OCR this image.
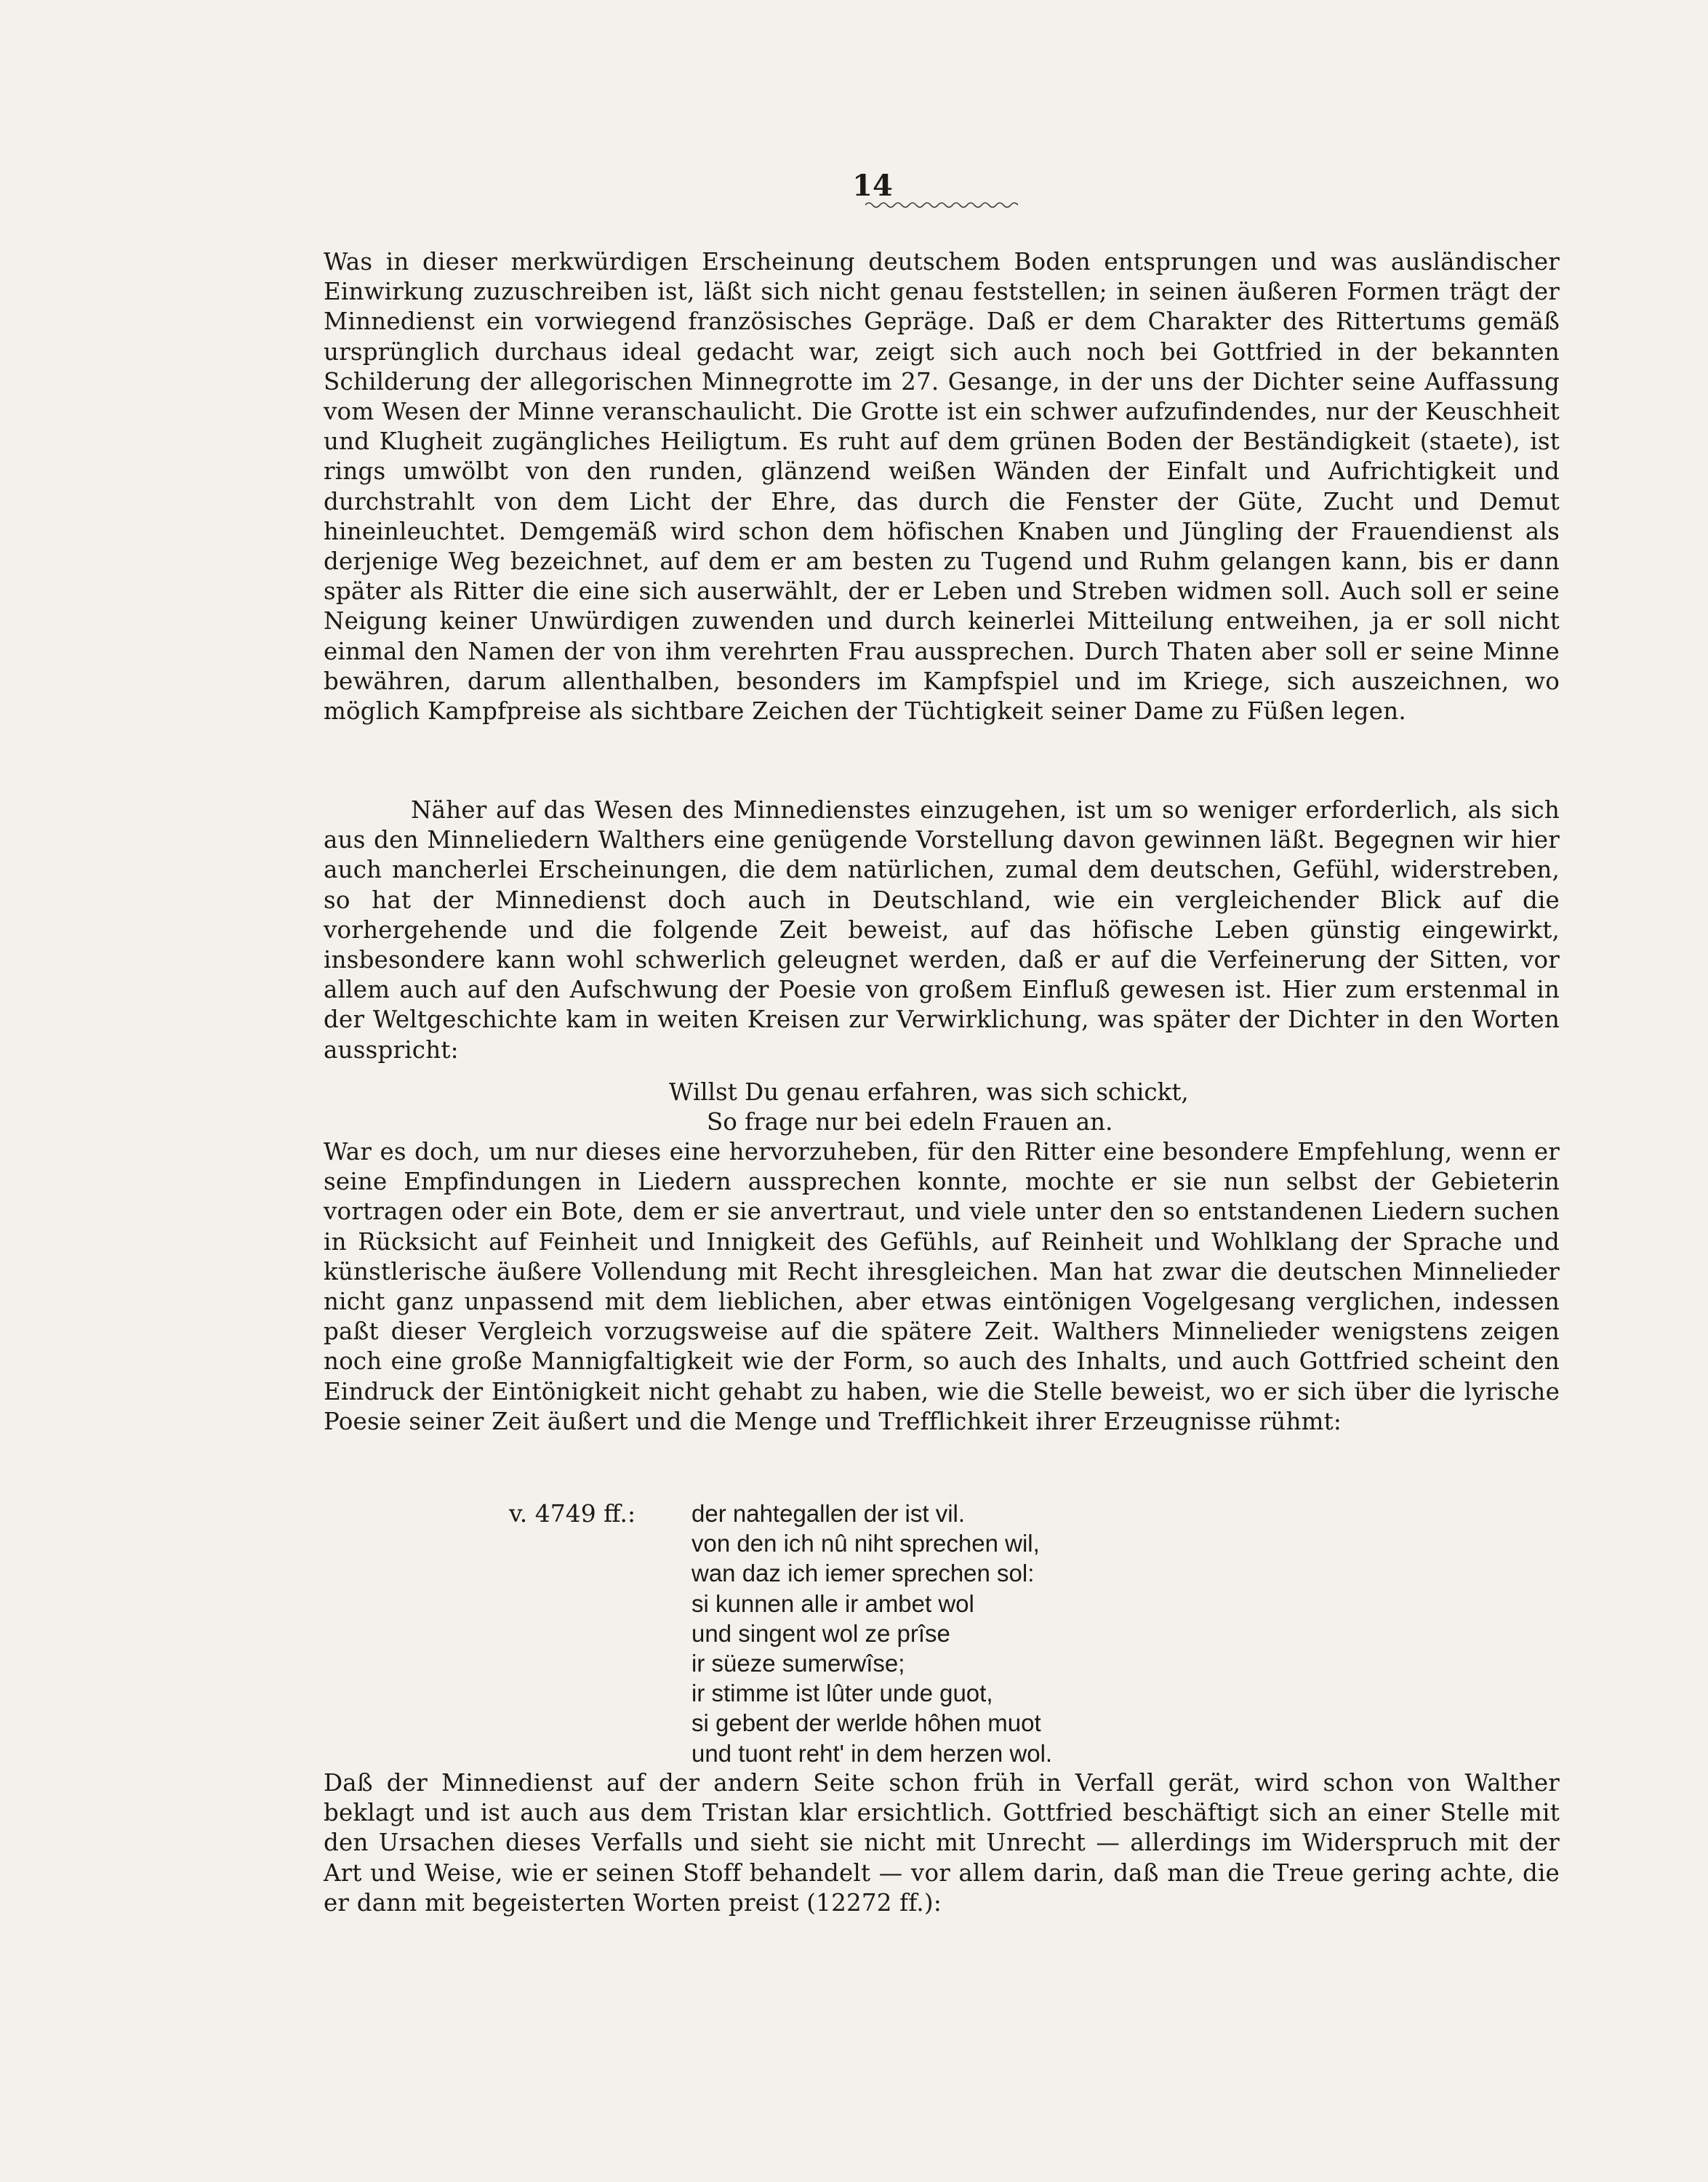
14

Was in dieser merkwürdigen Erscheinung deutschem Boden entsprungen und was ausländischer Einwirkung zuzuschreiben ist, läßt sich nicht genau feststellen; in seinen äußeren Formen trägt der Minnedienst ein vorwiegend französisches Gepräge. Daß er dem Charakter des Rittertums gemäß ursprünglich durchaus ideal gedacht war, zeigt sich auch noch bei Gottfried in der bekannten Schilderung der allegorischen Minnegrotte im 27. Gesange, in der uns der Dichter seine Auffassung vom Wesen der Minne veranschaulicht. Die Grotte ist ein schwer aufzufindendes, nur der Keuschheit und Klugheit zugängliches Heiligtum. Es ruht auf dem grünen Boden der Beständigkeit (staete), ist rings umwölbt von den runden, glänzend weißen Wänden der Einfalt und Aufrichtigkeit und durchstrahlt von dem Licht der Ehre, das durch die Fenster der Güte, Zucht und Demut hineinleuchtet. Demgemäß wird schon dem höfischen Knaben und Jüngling der Frauendienst als derjenige Weg bezeichnet, auf dem er am besten zu Tugend und Ruhm gelangen kann, bis er dann später als Ritter die eine sich auserwählt, der er Leben und Streben widmen soll. Auch soll er seine Neigung keiner Unwürdigen zuwenden und durch keinerlei Mitteilung entweihen, ja er soll nicht einmal den Namen der von ihm verehrten Frau aussprechen. Durch Thaten aber soll er seine Minne bewähren, darum allenthalben, besonders im Kampfspiel und im Kriege, sich auszeichnen, wo möglich Kampfpreise als sichtbare Zeichen der Tüchtigkeit seiner Dame zu Füßen legen.

Näher auf das Wesen des Minnedienstes einzugehen, ist um so weniger erforderlich, als sich aus den Minneliedern Walthers eine genügende Vorstellung davon gewinnen läßt. Begegnen wir hier auch mancherlei Erscheinungen, die dem natürlichen, zumal dem deutschen, Gefühl, widerstreben, so hat der Minnedienst doch auch in Deutschland, wie ein vergleichender Blick auf die vorhergehende und die folgende Zeit beweist, auf das höfische Leben günstig eingewirkt, insbesondere kann wohl schwerlich geleugnet werden, daß er auf die Verfeinerung der Sitten, vor allem auch auf den Aufschwung der Poesie von großem Einfluß gewesen ist. Hier zum erstenmal in der Weltgeschichte kam in weiten Kreisen zur Verwirklichung, was später der Dichter in den Worten ausspricht:

Willst Du genau erfahren, was sich schickt,
So frage nur bei edeln Frauen an.

War es doch, um nur dieses eine hervorzuheben, für den Ritter eine besondere Empfehlung, wenn er seine Empfindungen in Liedern aussprechen konnte, mochte er sie nun selbst der Gebieterin vortragen oder ein Bote, dem er sie anvertraut, und viele unter den so entstandenen Liedern suchen in Rücksicht auf Feinheit und Innigkeit des Gefühls, auf Reinheit und Wohlklang der Sprache und künstlerische äußere Vollendung mit Recht ihresgleichen. Man hat zwar die deutschen Minnelieder nicht ganz unpassend mit dem lieblichen, aber etwas eintönigen Vogelgesang verglichen, indessen paßt dieser Vergleich vorzugsweise auf die spätere Zeit. Walthers Minnelieder wenigstens zeigen noch eine große Mannigfaltigkeit wie der Form, so auch des Inhalts, und auch Gottfried scheint den Eindruck der Eintönigkeit nicht gehabt zu haben, wie die Stelle beweist, wo er sich über die lyrische Poesie seiner Zeit äußert und die Menge und Trefflichkeit ihrer Erzeugnisse rühmt:

v. 4749 ff.: der nahtegallen der ist vil.
von den ich nû niht sprechen wil,
wan daz ich iemer sprechen sol:
si kunnen alle ir ambet wol
und singent wol ze prîse
ir süeze sumerwîse;
ir stimme ist lûter unde guot,
si gebent der werlde hôhen muot
und tuont reht' in dem herzen wol.

Daß der Minnedienst auf der andern Seite schon früh in Verfall gerät, wird schon von Walther beklagt und ist auch aus dem Tristan klar ersichtlich. Gottfried beschäftigt sich an einer Stelle mit den Ursachen dieses Verfalls und sieht sie nicht mit Unrecht — allerdings im Widerspruch mit der Art und Weise, wie er seinen Stoff behandelt — vor allem darin, daß man die Treue gering achte, die er dann mit begeisterten Worten preist (12272 ff.):
